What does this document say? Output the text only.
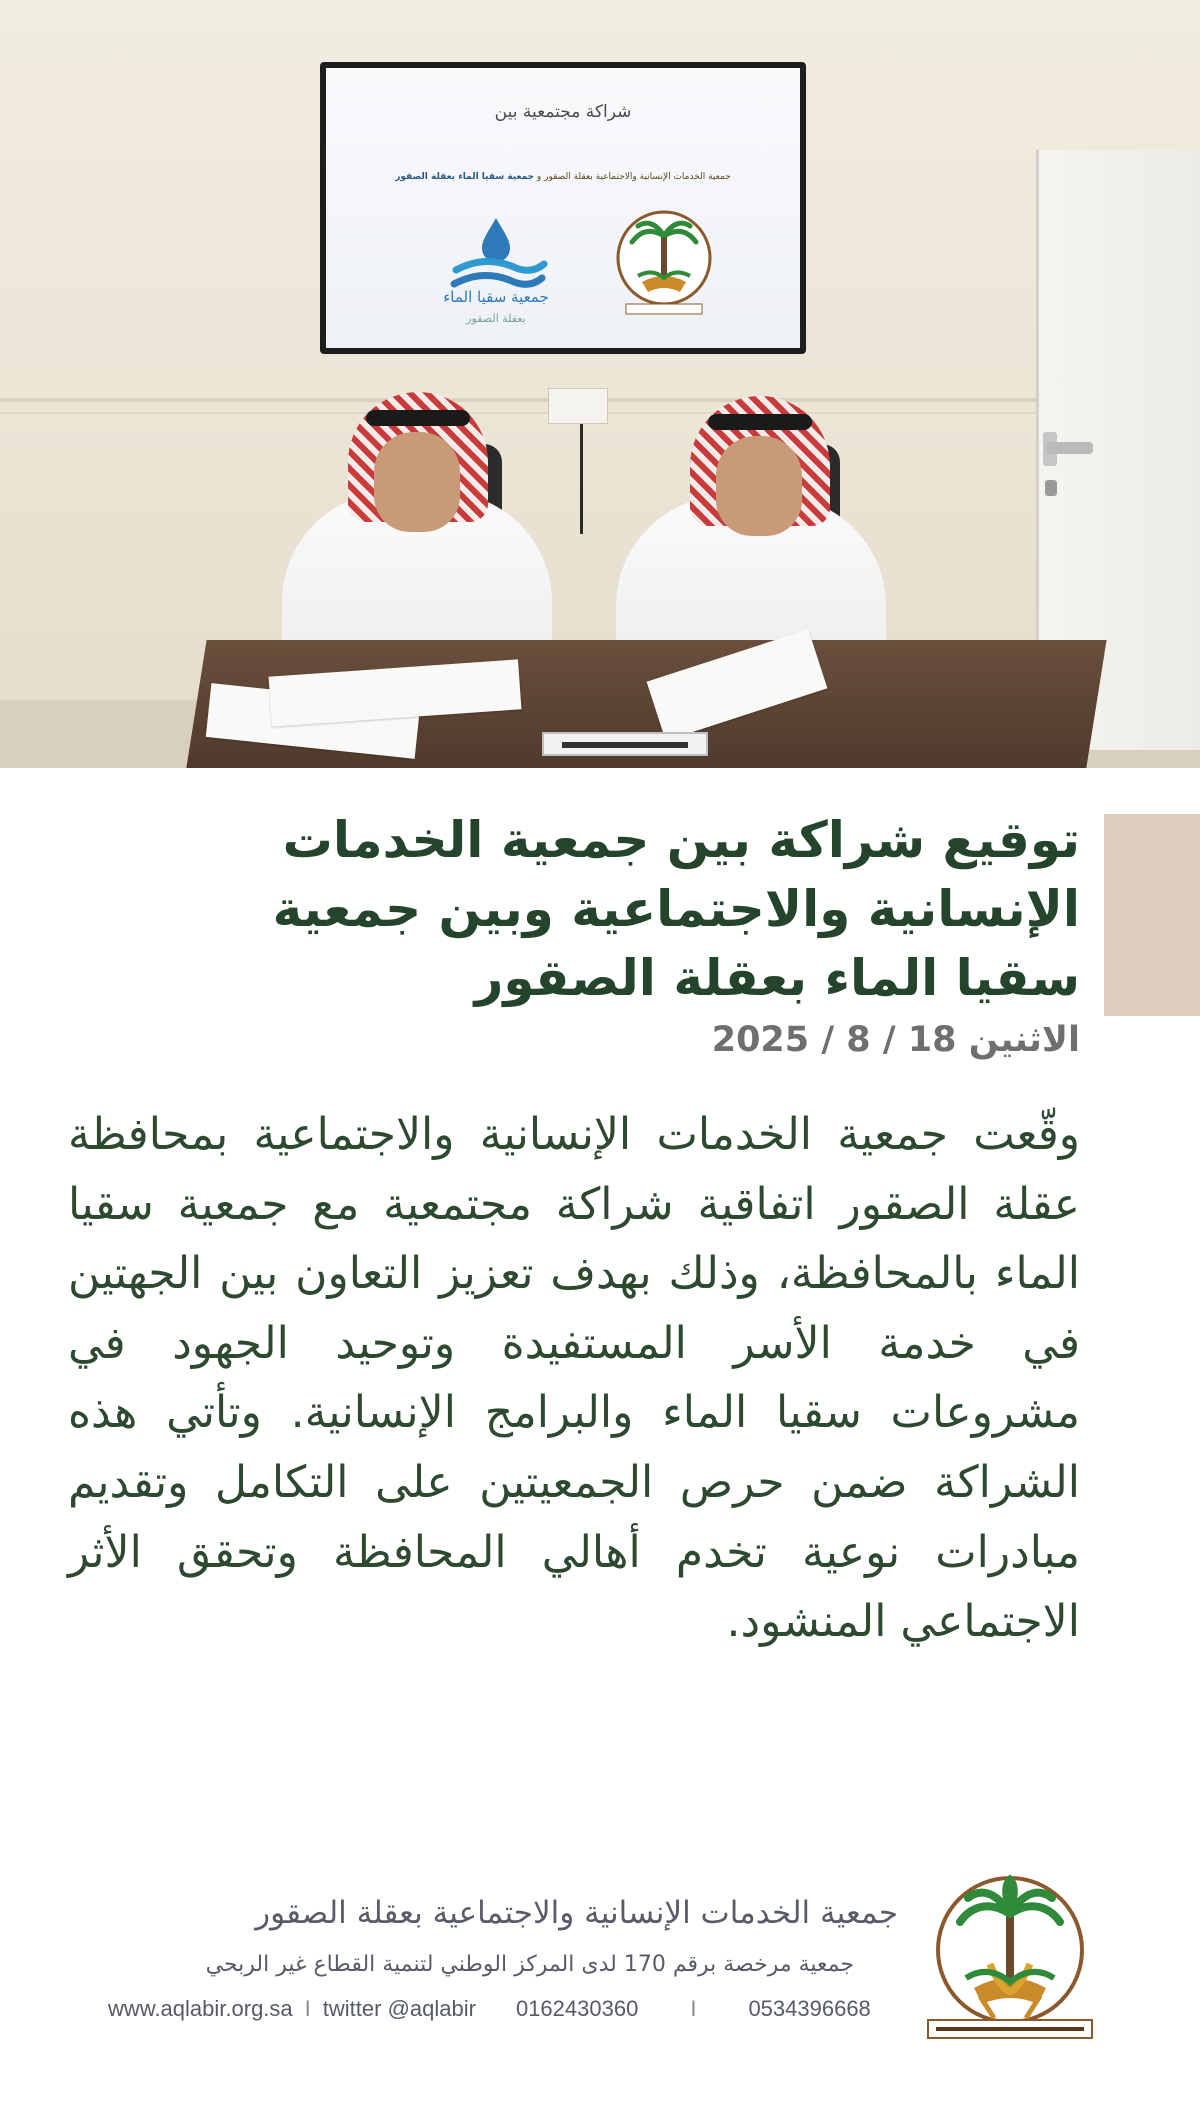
شراكة مجتمعية بين
جمعية الخدمات الإنسانية والاجتماعية بعقلة الصقور و جمعية سقيا الماء بعقلة الصقور
جمعية سقيا الماء
بعقلة الصقور
توقيع شراكة بين جمعية الخدمات الإنسانية والاجتماعية وبين جمعية سقيا الماء بعقلة الصقور
الاثنين 18 / 8 / 2025

وقّعت جمعية الخدمات الإنسانية والاجتماعية بمحافظة عقلة الصقور اتفاقية شراكة مجتمعية مع جمعية سقيا الماء بالمحافظة، وذلك بهدف تعزيز التعاون بين الجهتين في خدمة الأسر المستفيدة وتوحيد الجهود في مشروعات سقيا الماء والبرامج الإنسانية. وتأتي هذه الشراكة ضمن حرص الجمعيتين على التكامل وتقديم مبادرات نوعية تخدم أهالي المحافظة وتحقق الأثر الاجتماعي المنشود.

جمعية الخدمات الإنسانية والاجتماعية بعقلة الصقور
جمعية مرخصة برقم 170 لدى المركز الوطني لتنمية القطاع غير الربحي
www.aqlabir.org.sa I twitter @aqlabir 0162430360 I 0534396668
